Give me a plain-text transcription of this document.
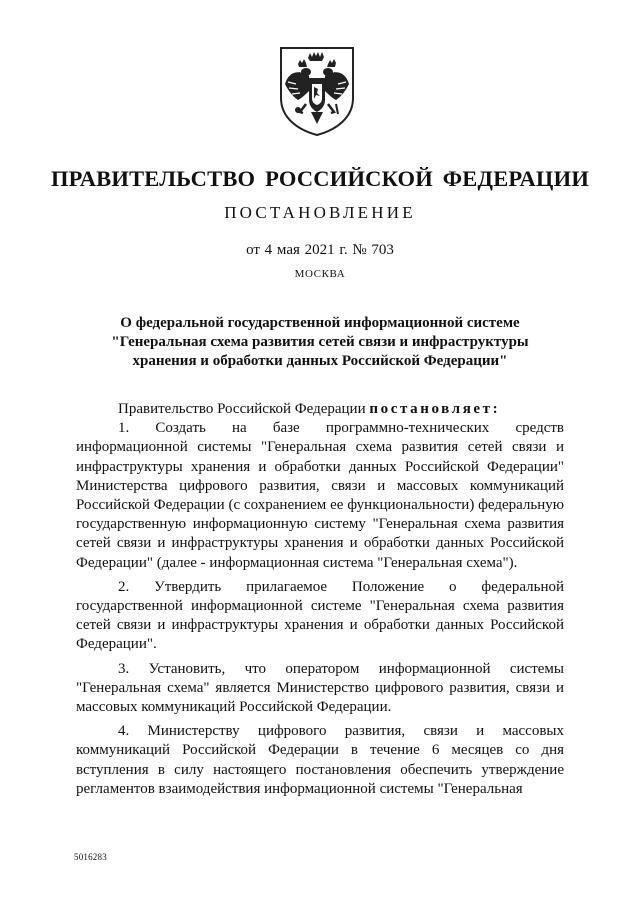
ПРАВИТЕЛЬСТВО РОССИЙСКОЙ ФЕДЕРАЦИИ
ПОСТАНОВЛЕНИЕ
от 4 мая 2021 г. № 703
МОСКВА
О федеральной государственной информационной системе
"Генеральная схема развития сетей связи и инфраструктуры
хранения и обработки данных Российской Федерации"

Правительство Российской Федерации постановляет:

1. Создать на базе программно-технических средств информационной системы "Генеральная схема развития сетей связи и инфраструктуры хранения и обработки данных Российской Федерации" Министерства цифрового развития, связи и массовых коммуникаций Российской Федерации (с сохранением ее функциональности) федеральную государственную информационную систему "Генеральная схема развития сетей связи и инфраструктуры хранения и обработки данных Российской Федерации" (далее - информационная система "Генеральная схема").

2. Утвердить прилагаемое Положение о федеральной государственной информационной системе "Генеральная схема развития сетей связи и инфраструктуры хранения и обработки данных Российской Федерации".

3. Установить, что оператором информационной системы "Генеральная схема" является Министерство цифрового развития, связи и массовых коммуникаций Российской Федерации.

4. Министерству цифрового развития, связи и массовых коммуникаций Российской Федерации в течение 6 месяцев со дня вступления в силу настоящего постановления обеспечить утверждение регламентов взаимодействия информационной системы "Генеральная

5016283
